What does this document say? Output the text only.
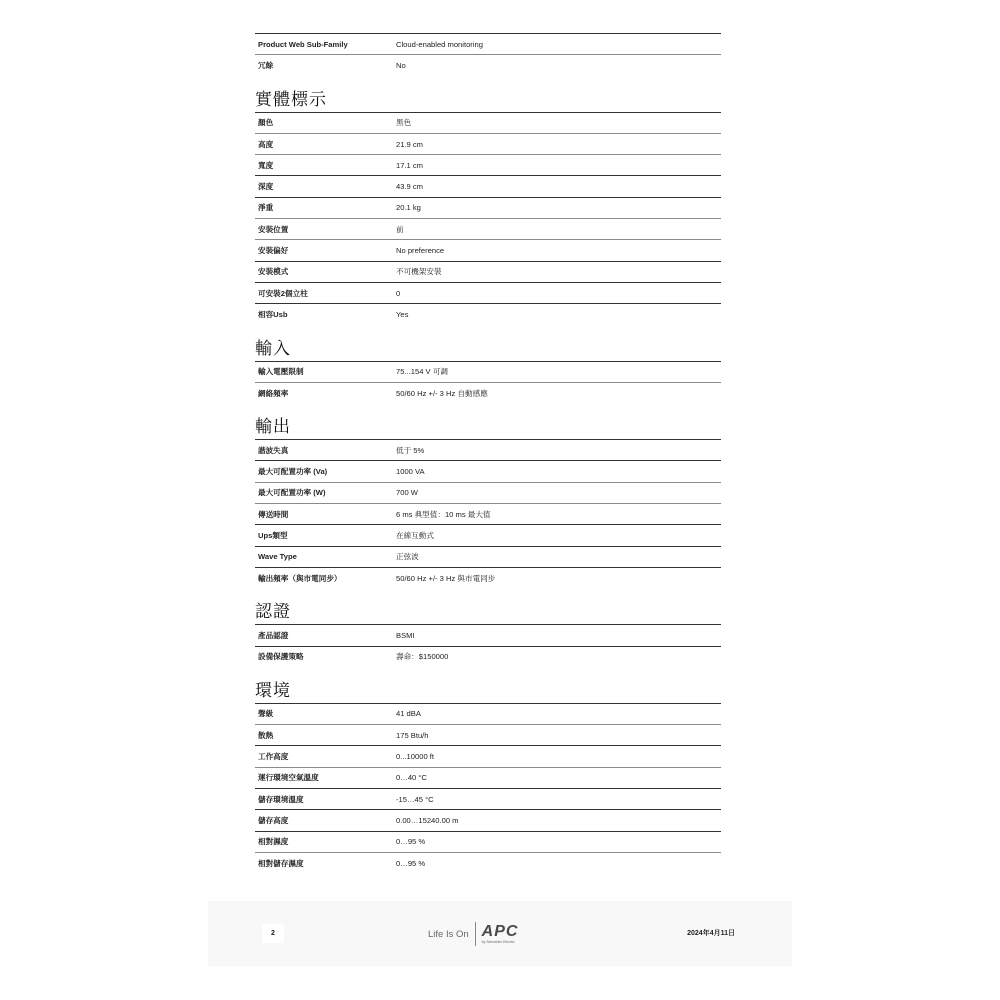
Product Web Sub-Family	Cloud-enabled monitoring
冗餘	No
實體標示
顏色	黑色
高度	21.9 cm
寬度	17.1 cm
深度	43.9 cm
淨重	20.1 kg
安裝位置	前
安裝偏好	No preference
安裝模式	不可機架安裝
可安裝2個立柱	0
相容Usb	Yes
輸入
輸入電壓限制	75...154 V 可調
網絡頻率	50/60 Hz +/- 3 Hz 自動感應
輸出
諧波失真	低于 5%
最大可配置功率 (Va)	1000 VA
最大可配置功率 (W)	700 W
傳送時間	6 ms 典型值：10 ms 最大值
Ups類型	在線互動式
Wave Type	正弦波
輸出頻率（與市電同步）	50/60 Hz +/- 3 Hz 與市電同步
認證
產品認證	BSMI
設備保護策略	壽命：$150000
環境
聲級	41 dBA
散熱	175 Btu/h
工作高度	0...10000 ft
運行環境空氣溫度	0…40 °C
儲存環境溫度	-15…45 °C
儲存高度	0.00…15240.00 m
相對濕度	0…95 %
相對儲存濕度	0…95 %
2	Life Is On APC
by Schneider Electric
2024年4月11日
